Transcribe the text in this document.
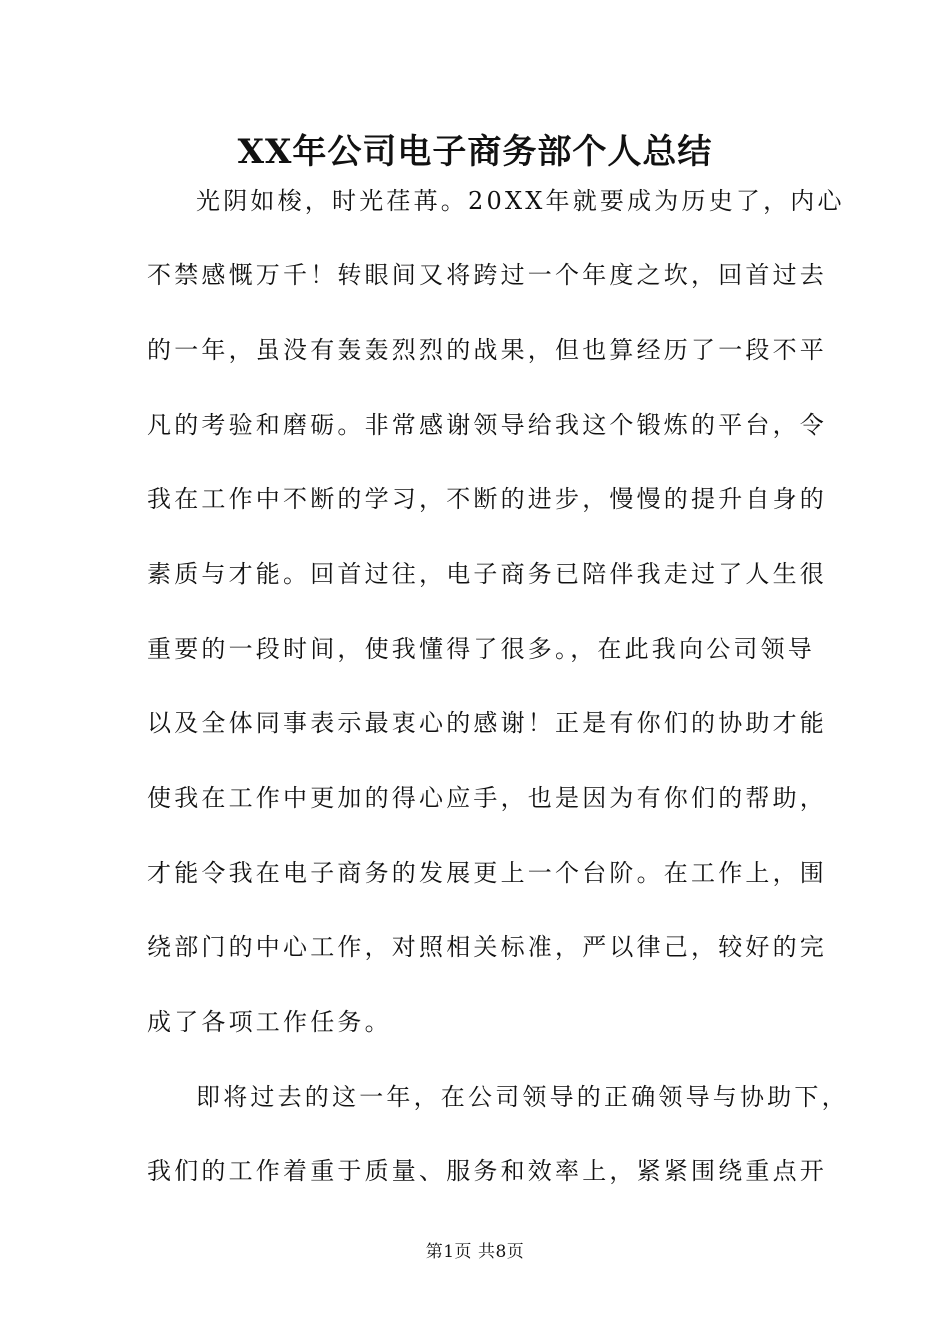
XX年公司电子商务部个人总结

光阴如梭，时光荏苒。20XX年就要成为历史了，内心

不禁感慨万千！转眼间又将跨过一个年度之坎，回首过去

的一年，虽没有轰轰烈烈的战果，但也算经历了一段不平

凡的考验和磨砺。非常感谢领导给我这个锻炼的平台，令

我在工作中不断的学习，不断的进步，慢慢的提升自身的

素质与才能。回首过往，电子商务已陪伴我走过了人生很

重要的一段时间，使我懂得了很多。，在此我向公司领导

以及全体同事表示最衷心的感谢！正是有你们的协助才能

使我在工作中更加的得心应手，也是因为有你们的帮助，

才能令我在电子商务的发展更上一个台阶。在工作上，围

绕部门的中心工作，对照相关标准，严以律己，较好的完

成了各项工作任务。

即将过去的这一年，在公司领导的正确领导与协助下，

我们的工作着重于质量、服务和效率上，紧紧围绕重点开

第1页 共8页
